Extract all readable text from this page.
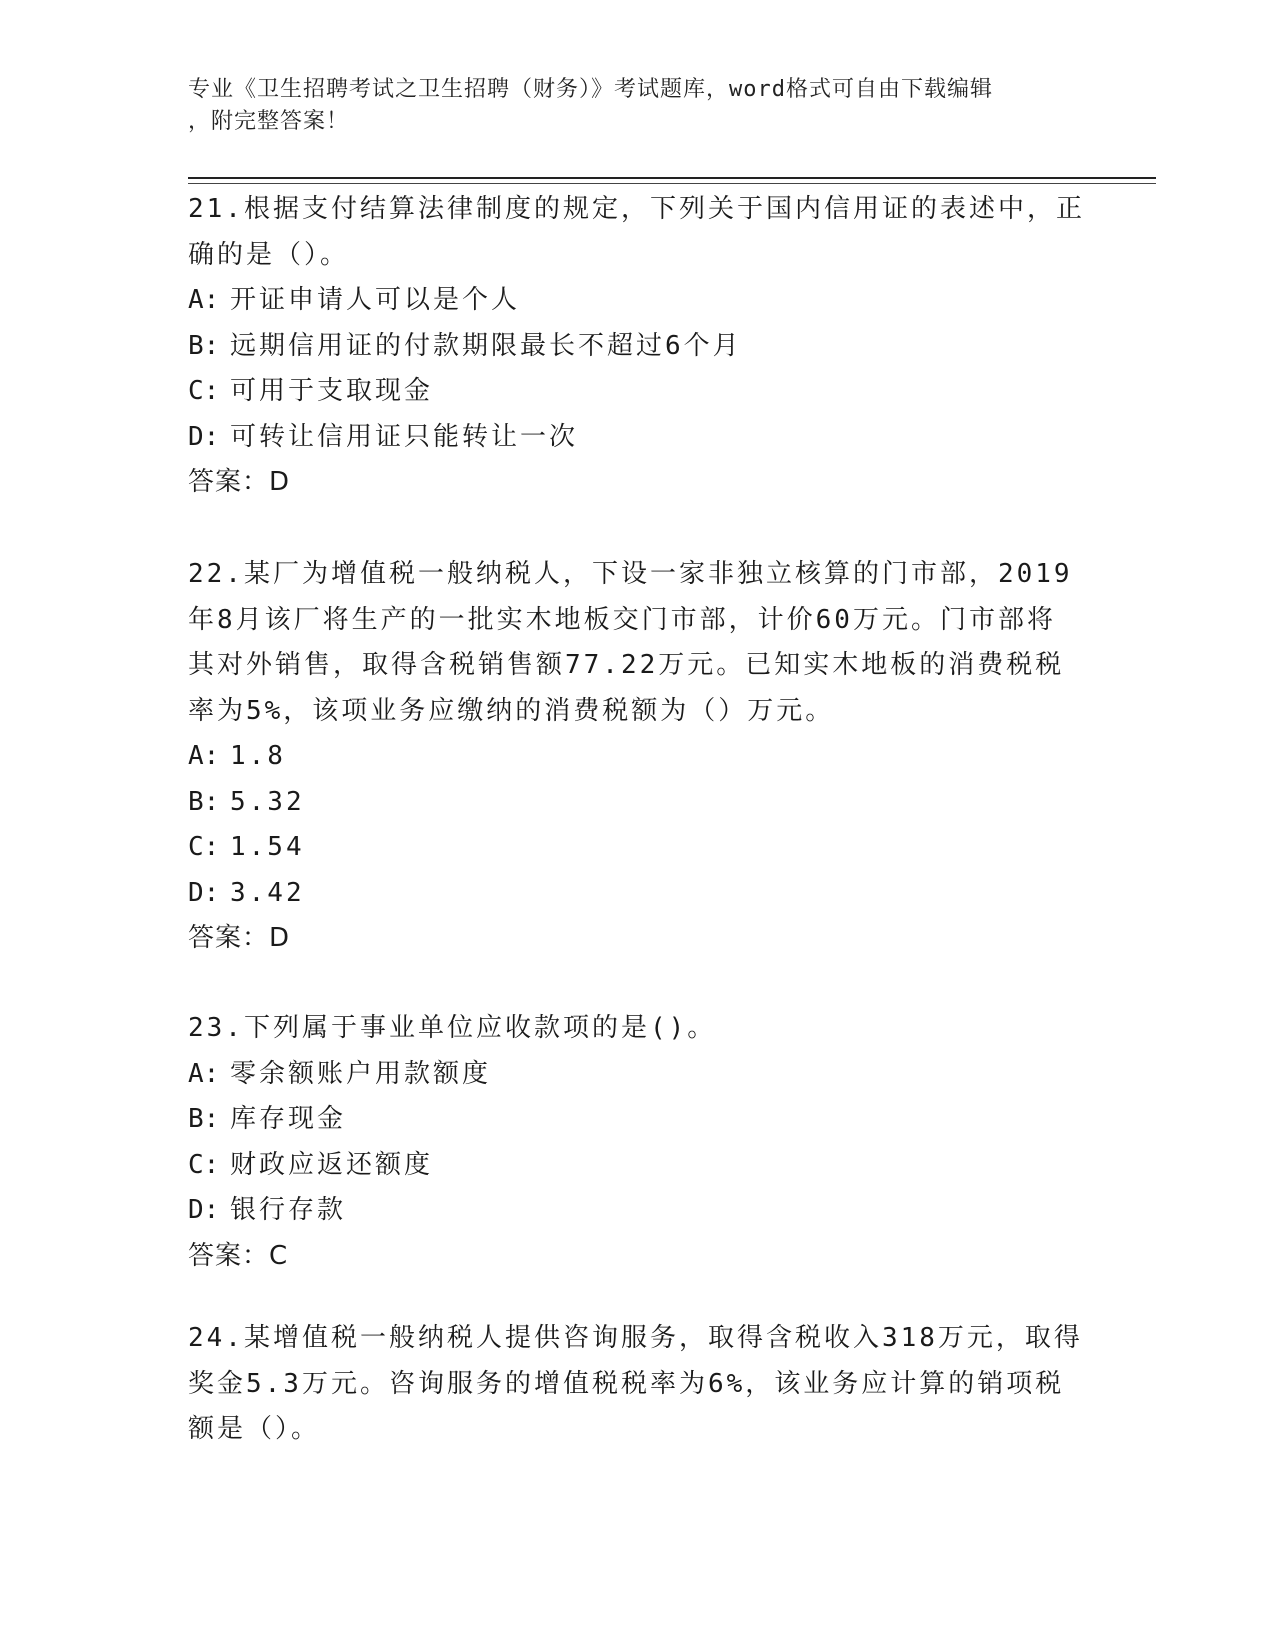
专业《卫生招聘考试之卫生招聘（财务）》考试题库，word格式可自由下载编辑
，附完整答案！

21.根据支付结算法律制度的规定，下列关于国内信用证的表述中，正

确的是（）。

A: 开证申请人可以是个人

B: 远期信用证的付款期限最长不超过6个月

C: 可用于支取现金

D: 可转让信用证只能转让一次

答案：D

22.某厂为增值税一般纳税人，下设一家非独立核算的门市部，2019

年8月该厂将生产的一批实木地板交门市部，计价60万元。门市部将

其对外销售，取得含税销售额77.22万元。已知实木地板的消费税税

率为5%，该项业务应缴纳的消费税额为（）万元。

A: 1.8

B: 5.32

C: 1.54

D: 3.42

答案：D

23.下列属于事业单位应收款项的是()。

A: 零余额账户用款额度

B: 库存现金

C: 财政应返还额度

D: 银行存款

答案：C

24.某增值税一般纳税人提供咨询服务，取得含税收入318万元，取得

奖金5.3万元。咨询服务的增值税税率为6%，该业务应计算的销项税

额是（）。
